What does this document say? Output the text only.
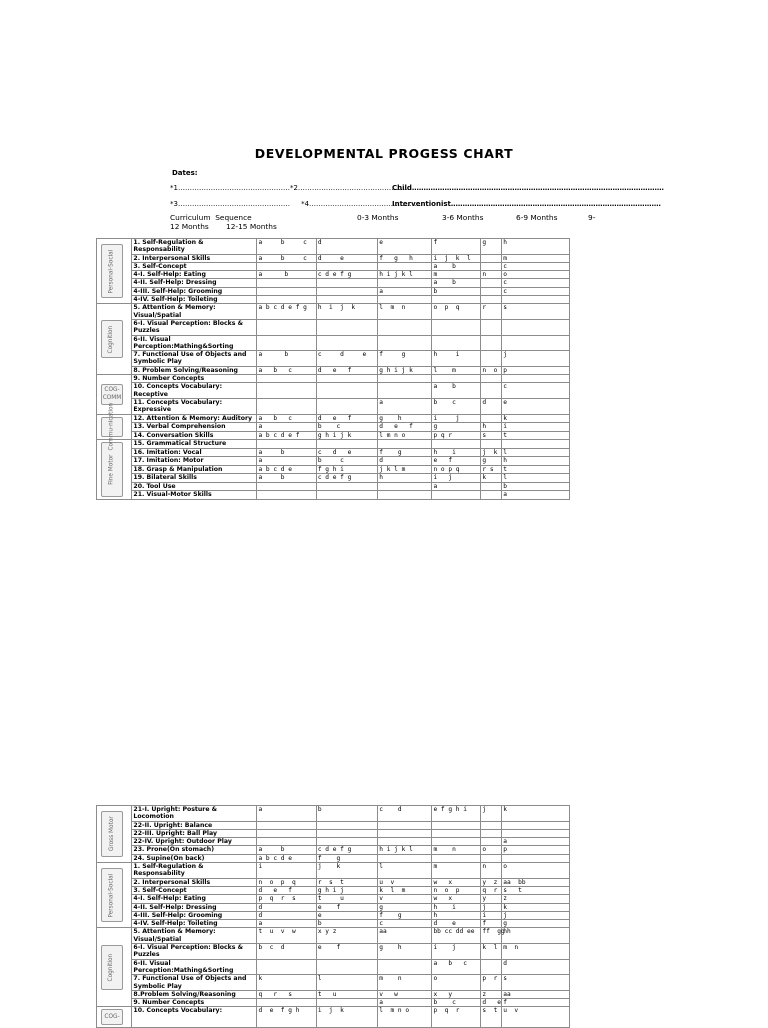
DEVELOPMENTAL PROGESS CHART
Dates:
*1…………………………………………*2…………………………………………
Child………………………………………………………………………………………………
*3…………………………………………     *4…………………………………………
Interventionist………………………………………………………………………………
Curriculum  Sequence	0-3 Months	3-6 Months	6-9 Months	9-
12 Months 12-15 Months
Personal-Social	1. Self-Regulation & Responsability	a     b     c	d	e	f	g	h
	2. Interpersonal Skills	a     b     c	d     e	f   g   h	i  j  k  l		m
	3. Self-Concept				a    b		c
	4-I. Self-Help: Eating	a      b	c d e f g	h i j k l	m	n	o
	4-II. Self-Help: Dressing				a    b		c
	4-III. Self-Help: Grooming			a	b		c
	4-IV. Self-Help: Toileting						

Cognition	5. Attention & Memory: Visual/Spatial	a b c d e f g	h  i  j  k	l  m  n	o  p  q	r	s
	6-I. Visual Perception: Blocks & Puzzles						
	6-II. Visual Perception:Mathing&Sorting						
	7. Functional Use of Objects and Symbolic Play	a      b	c     d     e	f     g	h     i		j
	8. Problem Solving/Reasoning	a   b   c	d   e   f	g h i j k	l    m	n  o	p

COG-COMM	9. Number Concepts						
	10. Concepts Vocabulary: Receptive				a    b		c
	11. Concepts Vocabulary: Expressive			a	b    c	d	e

Commu-nication	12. Attention & Memory: Auditory	a   b   c	d   e   f	g    h	i     j		k
	13. Verbal Comprehension	a	b    c	d   e   f	g	h	i
	14. Conversation Skills	a b c d e f	g h i j k	l m n o	p q r	s	t

Fine Motor	15. Grammatical Structure						
	16. Imitation: Vocal	a     b	c   d   e	f    g	h    i	j  k	l
	17. Imitation: Motor	a	b     c	d	e   f	g	h
	18. Grasp & Manipulation	a b c d e	f g h i	j k l m	n o p q	r s	t
	19. Bilateral Skills	a     b	c d e f g	h	i   j	k	l
	20. Tool Use				a		b
	21. Visual-Motor Skills						a
Gross Motor	21-I. Upright: Posture & Locomotion	a	b	c    d	e f g h i	j	k
	22-II. Upright: Balance						
	22-III. Upright: Ball Play						
	22-IV. Upright: Outdoor Play						a
	23. Prone(On stomach)	a     b	c d e f g	h i j k l	m    n	o	p
	24. Supine(On back)	a b c d e	f    g				

Personal-Social	1. Self-Regulation & Responsability	i	j    k	l	m	n	o
	2. Interpersonal Skills	n  o  p  q	r  s  t	u  v	w   x	y  z	aa  bb
	3. Self-Concept	d   e   f	g h i j	k  l  m	n  o  p	q  r	s   t
	4-I. Self-Help: Eating	p  q  r  s	t     u	v	w   x	y	z
	4-II. Self-Help: Dressing	d	e    f	g	h    i	j	k
	4-III. Self-Help: Grooming	d	e	f    g	h	i	j
	4-IV. Self-Help: Toileting	a	b	c	d    e	f	g

Cognition	5. Attention & Memory: Visual/Spatial	t  u  v  w	x y z	aa	bb cc dd ee	ff  gg	hh
	6-I. Visual Perception: Blocks & Puzzles	b  c  d	e    f	g    h	i    j	k  l	m  n
	6-II. Visual Perception:Mathing&Sorting				a   b   c		d
	7. Functional Use of Objects and Symbolic Play	k	l	m    n	o	p  r	s
	8.Problem Solving/Reasoning	q   r   s	t   u	v   w	x   y	z	aa
	9. Number Concepts			a	b    c	d   e	f

COG-	10. Concepts Vocabulary:	d  e  f g h	i  j  k	l  m n o	p  q  r	s  t	u  v
